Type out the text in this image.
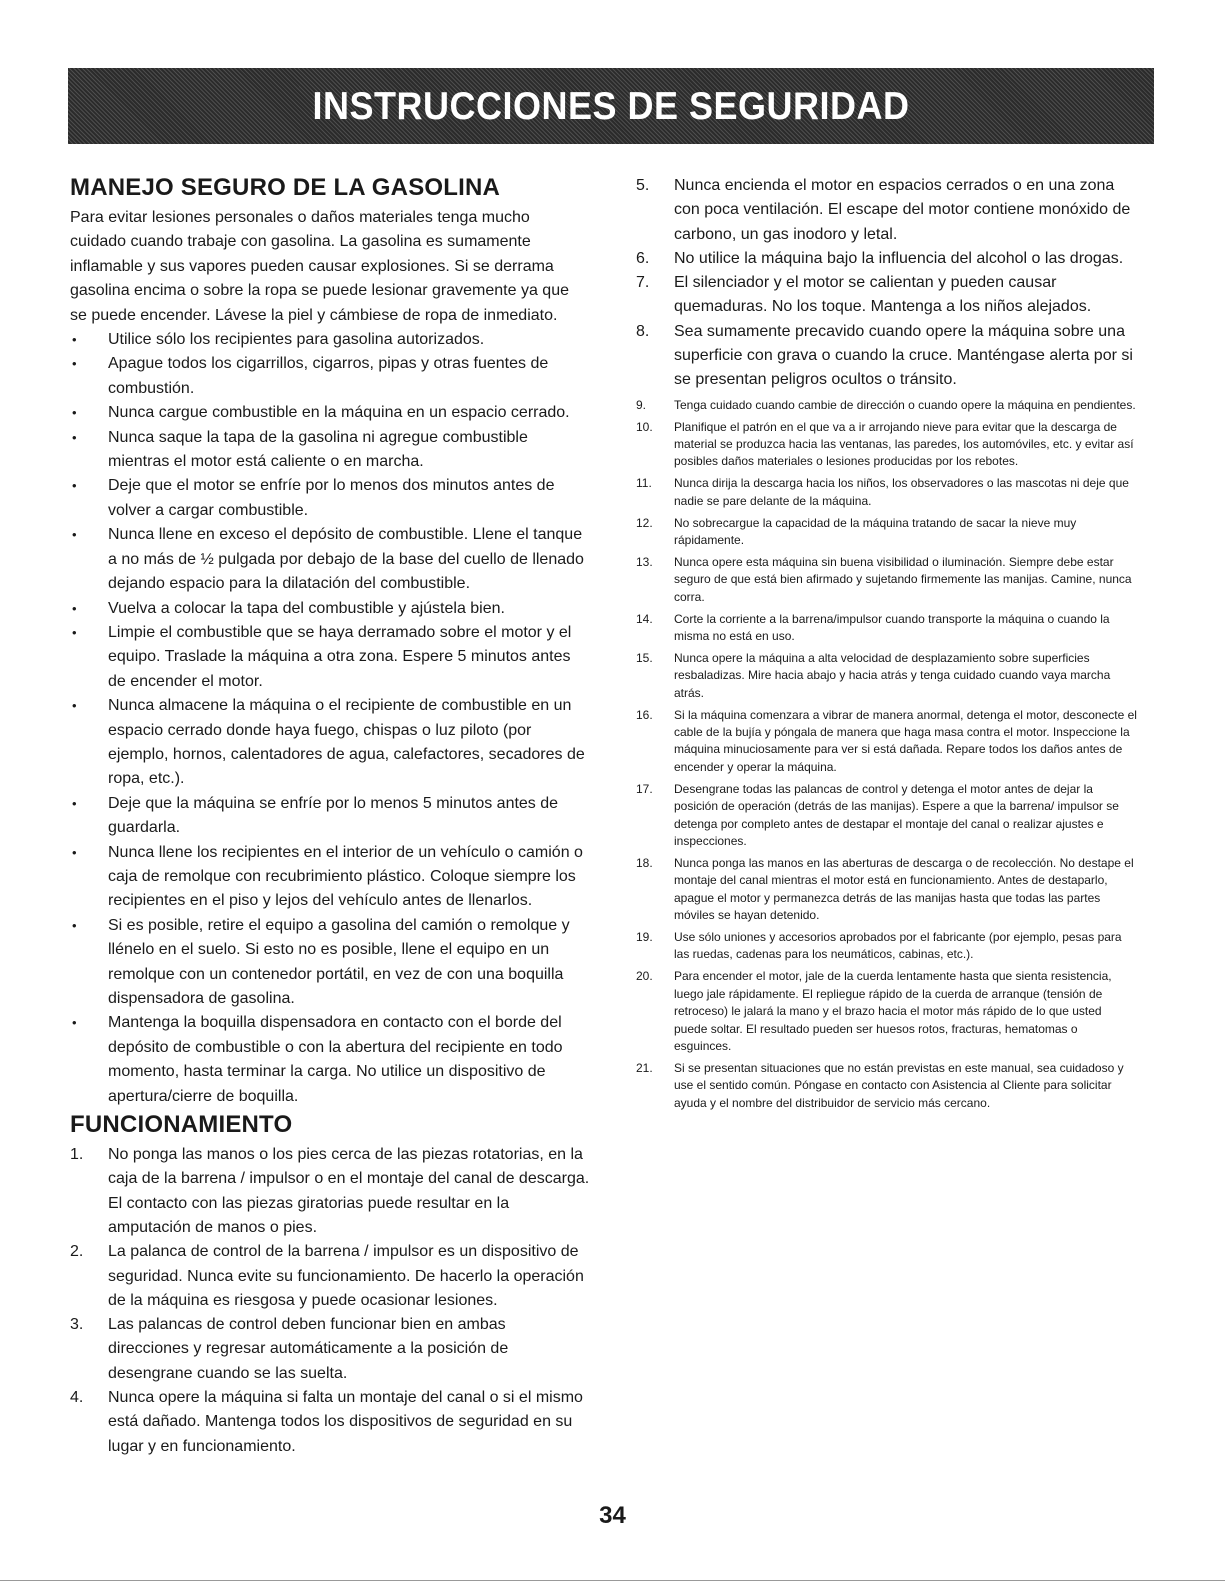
INSTRUCCIONES DE SEGURIDAD
MANEJO SEGURO DE LA GASOLINA

Para evitar lesiones personales o daños materiales tenga mucho cuidado cuando trabaje con gasolina. La gasolina es sumamente inflamable y sus vapores pueden causar explosiones. Si se derrama gasolina encima o sobre la ropa se puede lesionar gravemente ya que se puede encender. Lávese la piel y cámbiese de ropa de inmediato.

• Utilice sólo los recipientes para gasolina autorizados.
• Apague todos los cigarrillos, cigarros, pipas y otras fuentes de combustión.
• Nunca cargue combustible en la máquina en un espacio cerrado.
• Nunca saque la tapa de la gasolina ni agregue combustible mientras el motor está caliente o en marcha.
• Deje que el motor se enfríe por lo menos dos minutos antes de volver a cargar combustible.
• Nunca llene en exceso el depósito de combustible. Llene el tanque a no más de ½ pulgada por debajo de la base del cuello de llenado dejando espacio para la dilatación del combustible.
• Vuelva a colocar la tapa del combustible y ajústela bien.
• Limpie el combustible que se haya derramado sobre el motor y el equipo. Traslade la máquina a otra zona. Espere 5 minutos antes de encender el motor.
• Nunca almacene la máquina o el recipiente de combustible en un espacio cerrado donde haya fuego, chispas o luz piloto (por ejemplo, hornos, calentadores de agua, calefactores, secadores de ropa, etc.).
• Deje que la máquina se enfríe por lo menos 5 minutos antes de guardarla.
• Nunca llene los recipientes en el interior de un vehículo o camión o caja de remolque con recubrimiento plástico. Coloque siempre los recipientes en el piso y lejos del vehículo antes de llenarlos.
• Si es posible, retire el equipo a gasolina del camión o remolque y llénelo en el suelo. Si esto no es posible, llene el equipo en un remolque con un contenedor portátil, en vez de con una boquilla dispensadora de gasolina.
• Mantenga la boquilla dispensadora en contacto con el borde del depósito de combustible o con la abertura del recipiente en todo momento, hasta terminar la carga. No utilice un dispositivo de apertura/cierre de boquilla.
FUNCIONAMIENTO
1. No ponga las manos o los pies cerca de las piezas rotatorias, en la caja de la barrena / impulsor o en el montaje del canal de descarga. El contacto con las piezas giratorias puede resultar en la amputación de manos o pies.
2. La palanca de control de la barrena / impulsor es un dispositivo de seguridad. Nunca evite su funcionamiento. De hacerlo la operación de la máquina es riesgosa y puede ocasionar lesiones.
3. Las palancas de control deben funcionar bien en ambas direcciones y regresar automáticamente a la posición de desengrane cuando se las suelta.
4. Nunca opere la máquina si falta un montaje del canal o si el mismo está dañado. Mantenga todos los dispositivos de seguridad en su lugar y en funcionamiento.
5. Nunca encienda el motor en espacios cerrados o en una zona con poca ventilación. El escape del motor contiene monóxido de carbono, un gas inodoro y letal.
6. No utilice la máquina bajo la influencia del alcohol o las drogas.
7. El silenciador y el motor se calientan y pueden causar quemaduras. No los toque. Mantenga a los niños alejados.
8. Sea sumamente precavido cuando opere la máquina sobre una superficie con grava o cuando la cruce. Manténgase alerta por si se presentan peligros ocultos o tránsito.
9. Tenga cuidado cuando cambie de dirección o cuando opere la máquina en pendientes.
10. Planifique el patrón en el que va a ir arrojando nieve para evitar que la descarga de material se produzca hacia las ventanas, las paredes, los automóviles, etc. y evitar así posibles daños materiales o lesiones producidas por los rebotes.
11. Nunca dirija la descarga hacia los niños, los observadores o las mascotas ni deje que nadie se pare delante de la máquina.
12. No sobrecargue la capacidad de la máquina tratando de sacar la nieve muy rápidamente.
13. Nunca opere esta máquina sin buena visibilidad o iluminación. Siempre debe estar seguro de que está bien afirmado y sujetando firmemente las manijas. Camine, nunca corra.
14. Corte la corriente a la barrena/impulsor cuando transporte la máquina o cuando la misma no está en uso.
15. Nunca opere la máquina a alta velocidad de desplazamiento sobre superficies resbaladizas. Mire hacia abajo y hacia atrás y tenga cuidado cuando vaya marcha atrás.
16. Si la máquina comenzara a vibrar de manera anormal, detenga el motor, desconecte el cable de la bujía y póngala de manera que haga masa contra el motor. Inspeccione la máquina minuciosamente para ver si está dañada. Repare todos los daños antes de encender y operar la máquina.
17. Desengrane todas las palancas de control y detenga el motor antes de dejar la posición de operación (detrás de las manijas). Espere a que la barrena/ impulsor se detenga por completo antes de destapar el montaje del canal o realizar ajustes e inspecciones.
18. Nunca ponga las manos en las aberturas de descarga o de recolección. No destape el montaje del canal mientras el motor está en funcionamiento. Antes de destaparlo, apague el motor y permanezca detrás de las manijas hasta que todas las partes móviles se hayan detenido.
19. Use sólo uniones y accesorios aprobados por el fabricante (por ejemplo, pesas para las ruedas, cadenas para los neumáticos, cabinas, etc.).
20. Para encender el motor, jale de la cuerda lentamente hasta que sienta resistencia, luego jale rápidamente. El repliegue rápido de la cuerda de arranque (tensión de retroceso) le jalará la mano y el brazo hacia el motor más rápido de lo que usted puede soltar. El resultado pueden ser huesos rotos, fracturas, hematomas o esguinces.
21. Si se presentan situaciones que no están previstas en este manual, sea cuidadoso y use el sentido común. Póngase en contacto con Asistencia al Cliente para solicitar ayuda y el nombre del distribuidor de servicio más cercano.
34
